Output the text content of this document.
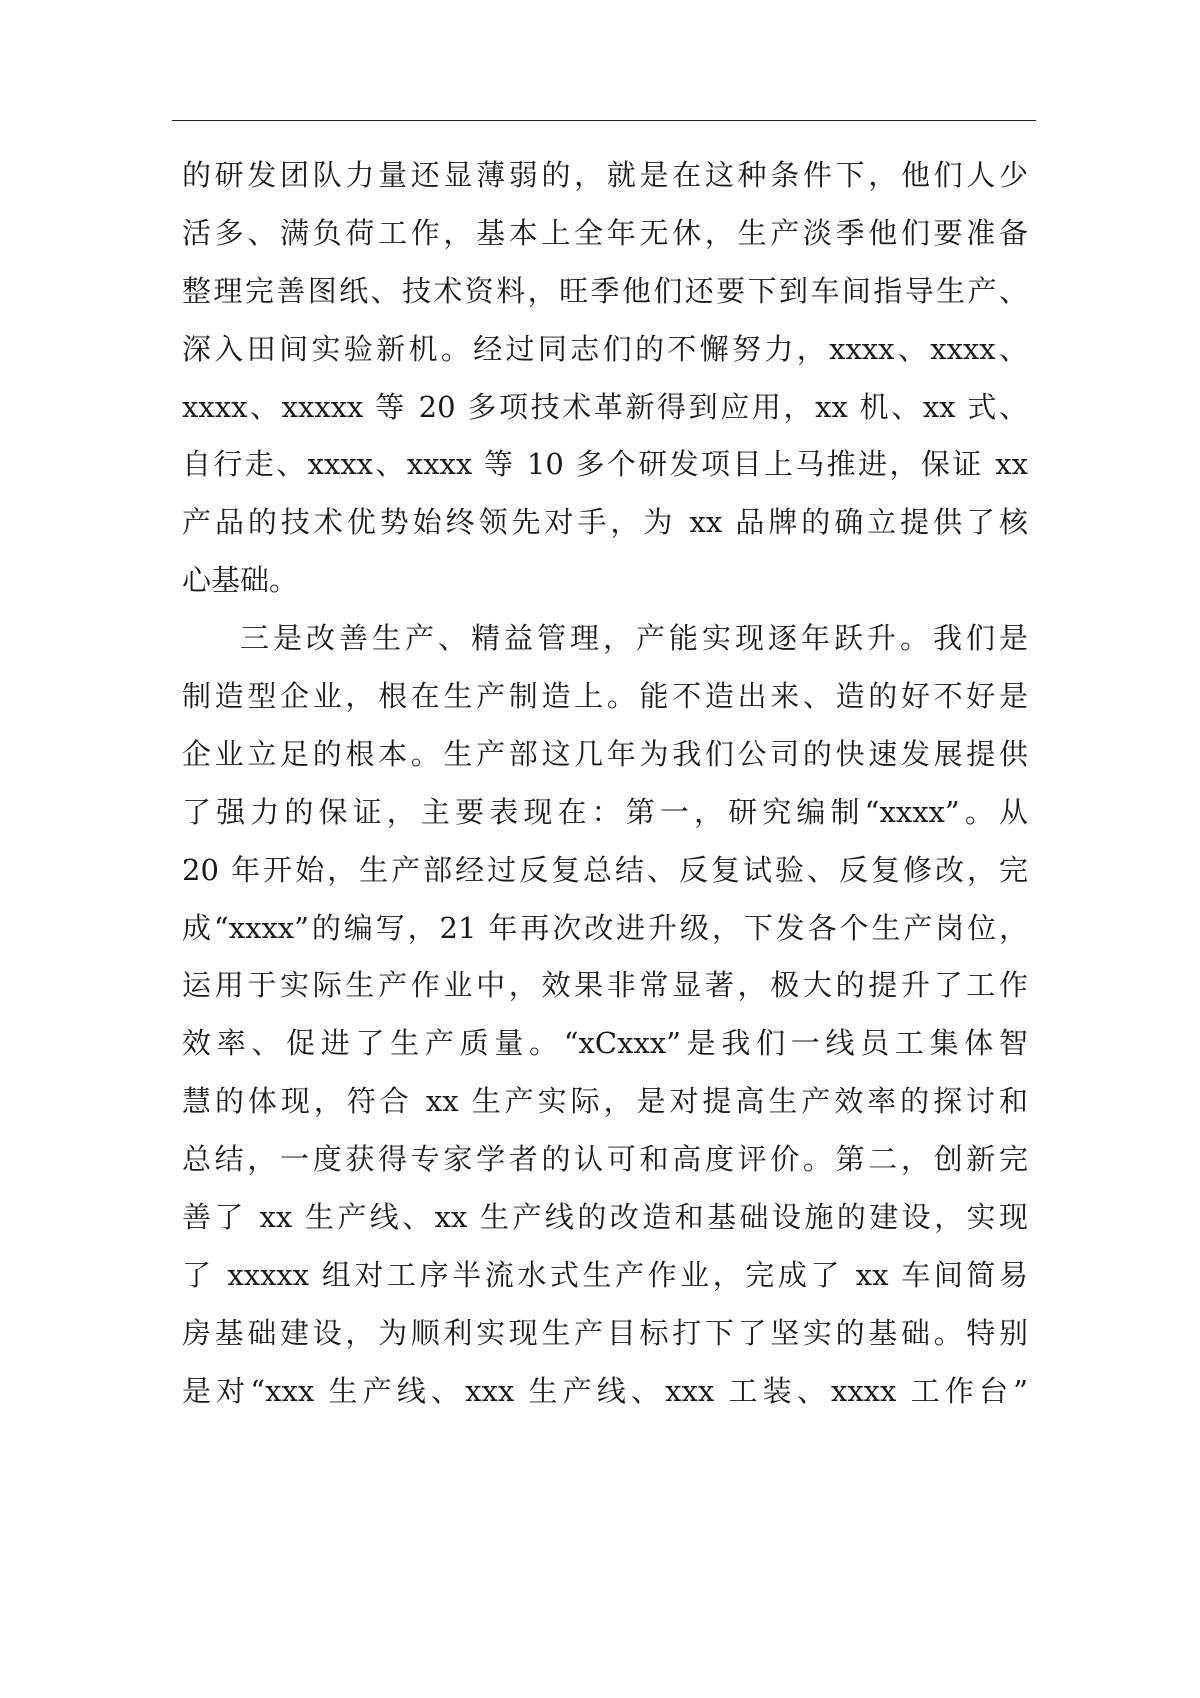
的研发团队力量还显薄弱的，就是在这种条件下，他们人少
活多、满负荷工作，基本上全年无休，生产淡季他们要准备
整理完善图纸、技术资料，旺季他们还要下到车间指导生产、
深入田间实验新机。经过同志们的不懈努力，xxxx、xxxx、
xxxx、xxxxx 等 20 多项技术革新得到应用，xx 机、xx 式、
自行走、xxxx、xxxx 等 10 多个研发项目上马推进，保证 xx
产品的技术优势始终领先对手，为 xx 品牌的确立提供了核
心基础。
三是改善生产、精益管理，产能实现逐年跃升。我们是
制造型企业，根在生产制造上。能不造出来、造的好不好是
企业立足的根本。生产部这几年为我们公司的快速发展提供
了强力的保证，主要表现在：第一，研究编制“xxxx”。从
20 年开始，生产部经过反复总结、反复试验、反复修改，完
成“xxxx”的编写，21 年再次改进升级，下发各个生产岗位，
运用于实际生产作业中，效果非常显著，极大的提升了工作
效率、促进了生产质量。“xCxxx”是我们一线员工集体智
慧的体现，符合 xx 生产实际，是对提高生产效率的探讨和
总结，一度获得专家学者的认可和高度评价。第二，创新完
善了 xx 生产线、xx 生产线的改造和基础设施的建设，实现
了 xxxxx 组对工序半流水式生产作业，完成了 xx 车间简易
房基础建设，为顺利实现生产目标打下了坚实的基础。特别
是对“xxx 生产线、xxx 生产线、xxx 工装、xxxx 工作台”
